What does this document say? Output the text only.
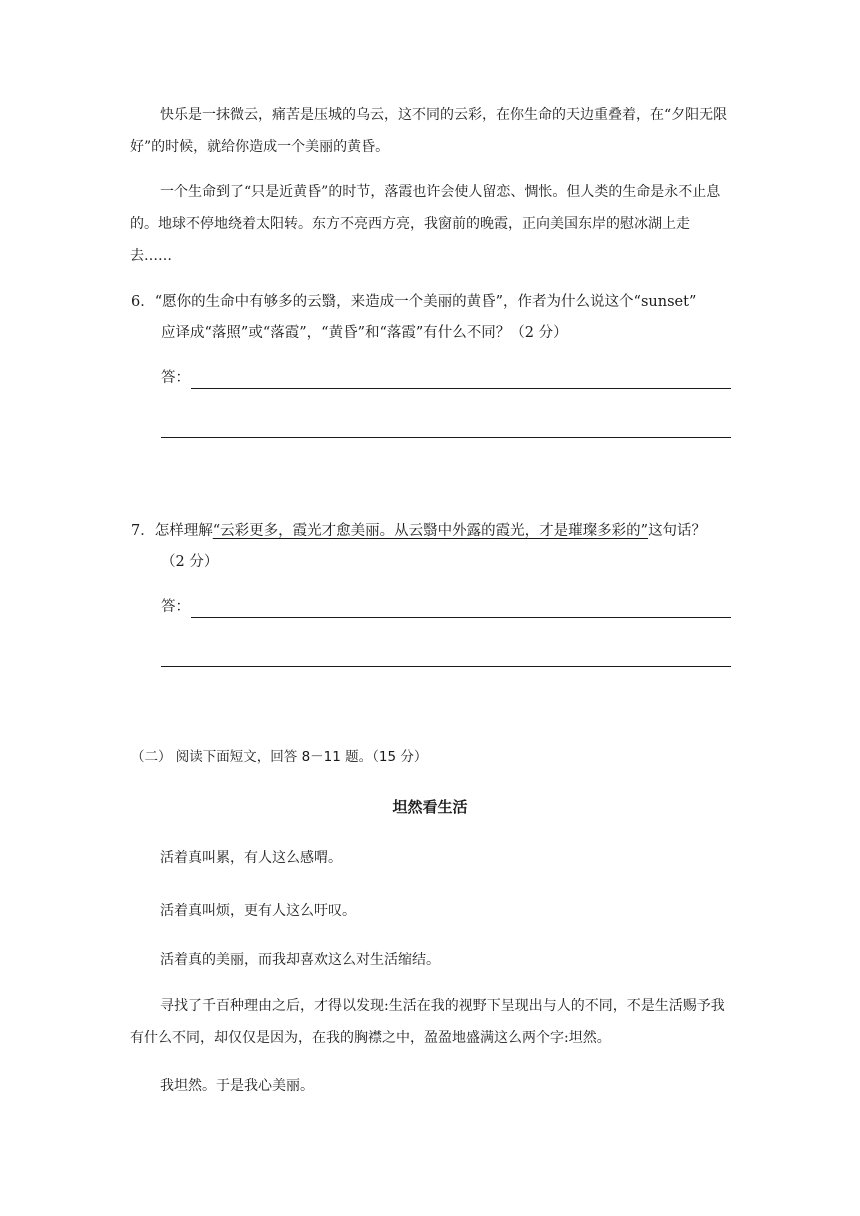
快乐是一抹微云，痛苦是压城的乌云，这不同的云彩，在你生命的天边重叠着，在“夕阳无限好”的时候，就给你造成一个美丽的黄昏。

一个生命到了“只是近黄昏”的时节，落霞也许会使人留恋、惆怅。但人类的生命是永不止息的。地球不停地绕着太阳转。东方不亮西方亮，我窗前的晚霞，正向美国东岸的慰冰湖上走去……

6．“愿你的生命中有够多的云翳，来造成一个美丽的黄昏”，作者为什么说这个“sunset”
应译成“落照”或“落霞”，“黄昏”和“落霞”有什么不同？（2 分）
答：
7．怎样理解“云彩更多，霞光才愈美丽。从云翳中外露的霞光，才是璀璨多彩的”这句话？
（2 分）
答：
（二） 阅读下面短文，回答 8－11 题。（15 分）
坦然看生活

活着真叫累，有人这么感喟。

活着真叫烦，更有人这么吁叹。

活着真的美丽，而我却喜欢这么对生活缩结。

寻找了千百种理由之后，才得以发现:生活在我的视野下呈现出与人的不同，不是生活赐予我有什么不同，却仅仅是因为，在我的胸襟之中，盈盈地盛满这么两个字:坦然。

我坦然。于是我心美丽。
